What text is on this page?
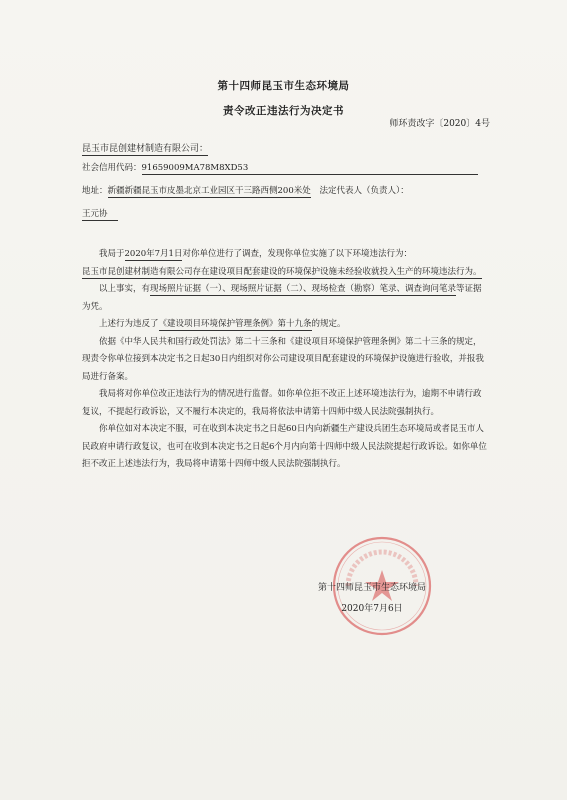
第十四师昆玉市生态环境局
责令改正违法行为决定书
师环责改字〔2020〕4号
昆玉市昆创建材制造有限公司：
社会信用代码：91659009MA78M8XD53
地址：新疆新疆昆玉市皮墨北京工业园区干三路西侧200米处 法定代表人（负责人）：
王元协

我局于2020年7月1日对你单位进行了调查，发现你单位实施了以下环境违法行为：

昆玉市昆创建材制造有限公司存在建设项目配套建设的环境保护设施未经验收就投入生产的环境违法行为。

以上事实，有现场照片证据（一）、现场照片证据（二）、现场检查（勘察）笔录、调查询问笔录等证据为凭。

上述行为违反了《建设项目环境保护管理条例》第十九条的规定。

依据《中华人民共和国行政处罚法》第二十三条和《建设项目环境保护管理条例》第二十三条的规定，现责令你单位接到本决定书之日起30日内组织对你公司建设项目配套建设的环境保护设施进行验收，并报我局进行备案。

我局将对你单位改正违法行为的情况进行监督。如你单位拒不改正上述环境违法行为，逾期不申请行政复议，不提起行政诉讼，又不履行本决定的，我局将依法申请第十四师中级人民法院强制执行。

你单位如对本决定不服，可在收到本决定书之日起60日内向新疆生产建设兵团生态环境局或者昆玉市人民政府申请行政复议，也可在收到本决定书之日起6个月内向第十四师中级人民法院提起行政诉讼。如你单位拒不改正上述违法行为，我局将申请第十四师中级人民法院强制执行。

第十四师昆玉市生态环境局
2020年7月6日
